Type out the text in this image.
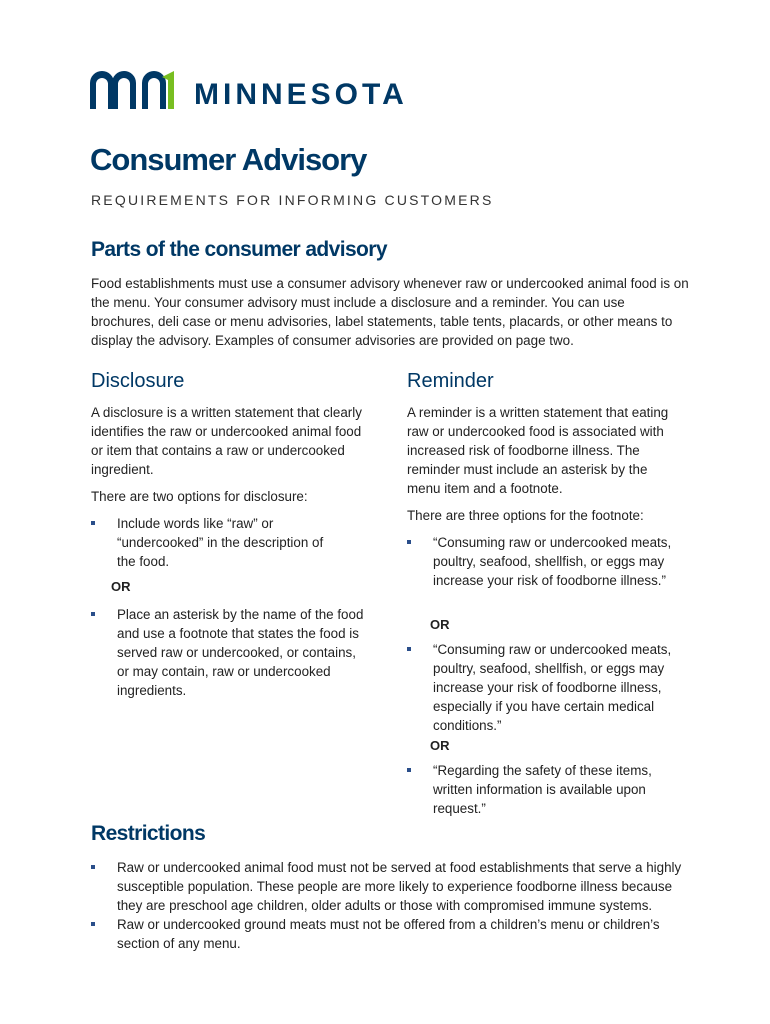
MINNESOTA
Consumer Advisory

REQUIREMENTS FOR INFORMING CUSTOMERS

Parts of the consumer advisory

Food establishments must use a consumer advisory whenever raw or undercooked animal food is on the menu. Your consumer advisory must include a disclosure and a reminder. You can use brochures, deli case or menu advisories, label statements, table tents, placards, or other means to display the advisory. Examples of consumer advisories are provided on page two.

Disclosure

A disclosure is a written statement that clearly identifies the raw or undercooked animal food or item that contains a raw or undercooked ingredient.

There are two options for disclosure:

Include words like “raw” or “undercooked” in the description of the food.

OR

Place an asterisk by the name of the food and use a footnote that states the food is served raw or undercooked, or contains, or may contain, raw or undercooked ingredients.
Reminder

A reminder is a written statement that eating raw or undercooked food is associated with increased risk of foodborne illness. The reminder must include an asterisk by the menu item and a footnote.

There are three options for the footnote:

“Consuming raw or undercooked meats, poultry, seafood, shellfish, or eggs may increase your risk of foodborne illness.”

OR

“Consuming raw or undercooked meats, poultry, seafood, shellfish, or eggs may increase your risk of foodborne illness, especially if you have certain medical conditions.”

OR

“Regarding the safety of these items, written information is available upon request.”
Restrictions
Raw or undercooked animal food must not be served at food establishments that serve a highly susceptible population. These people are more likely to experience foodborne illness because they are preschool age children, older adults or those with compromised immune systems.
Raw or undercooked ground meats must not be offered from a children’s menu or children’s section of any menu.
